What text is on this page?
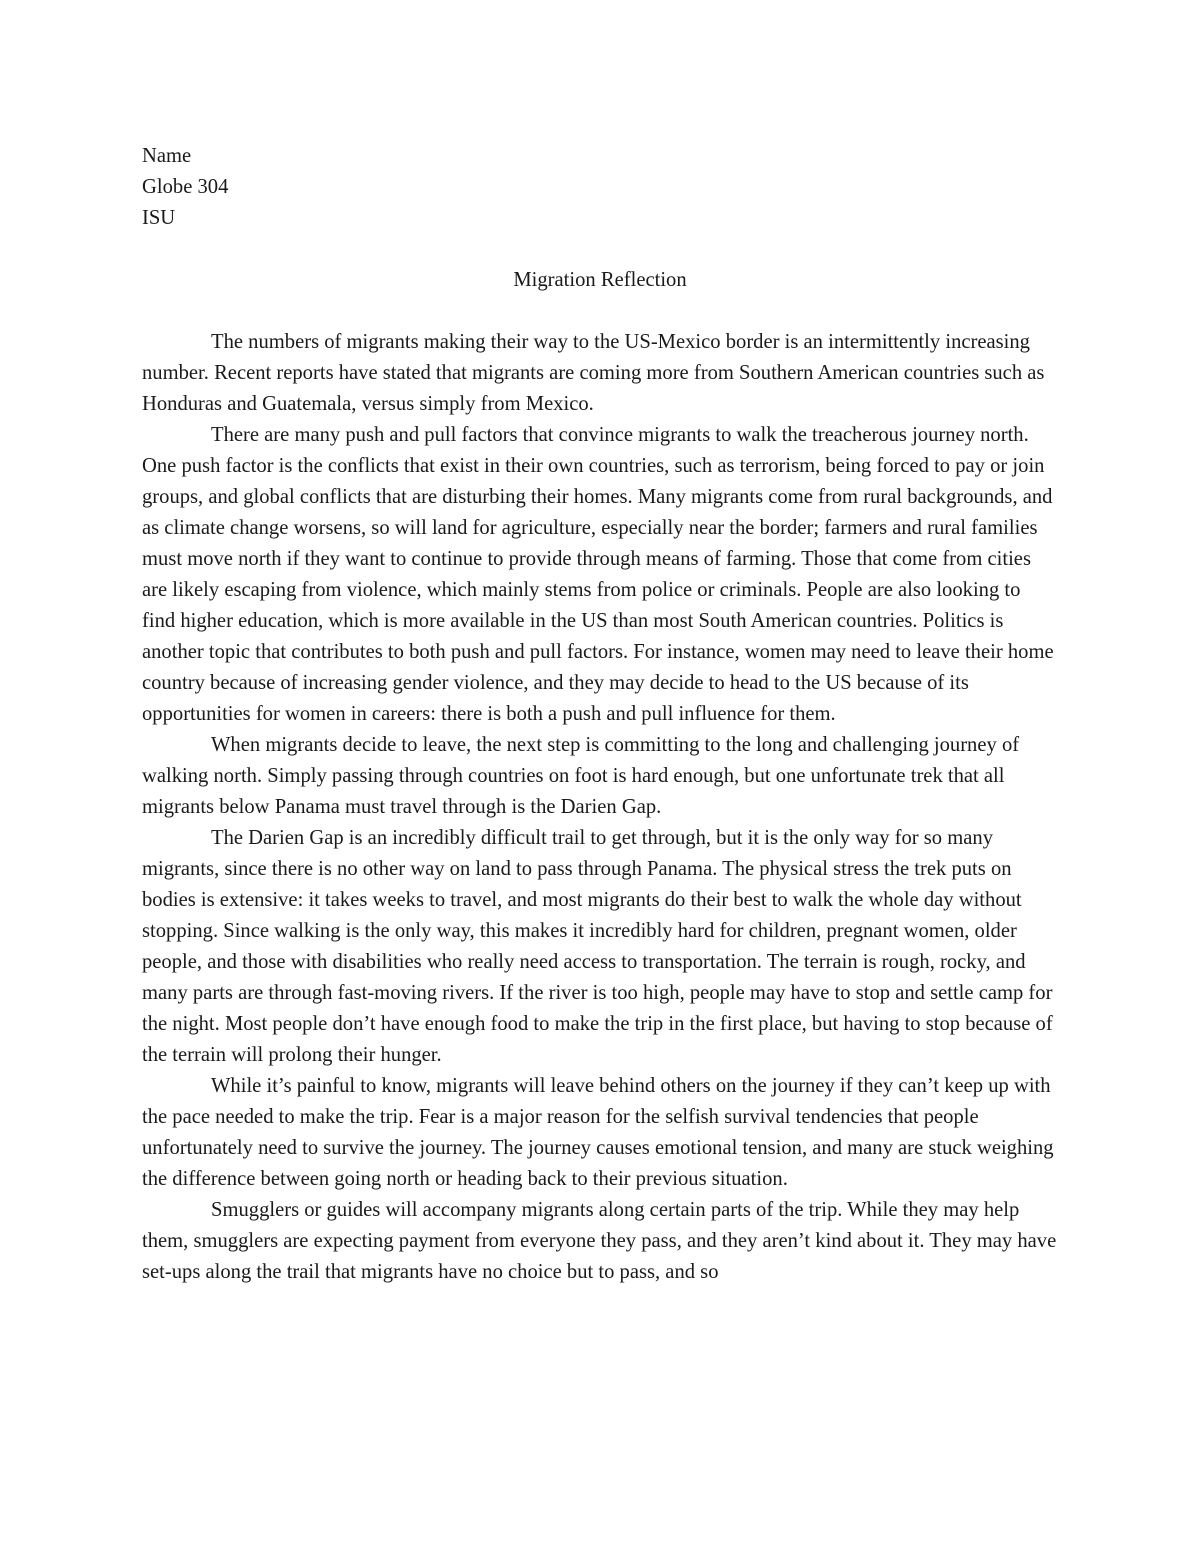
Name

Globe 304

ISU

Migration Reflection

The numbers of migrants making their way to the US-Mexico border is an intermittently increasing number. Recent reports have stated that migrants are coming more from Southern American countries such as Honduras and Guatemala, versus simply from Mexico.

There are many push and pull factors that convince migrants to walk the treacherous journey north. One push factor is the conflicts that exist in their own countries, such as terrorism, being forced to pay or join groups, and global conflicts that are disturbing their homes. Many migrants come from rural backgrounds, and as climate change worsens, so will land for agriculture, especially near the border; farmers and rural families must move north if they want to continue to provide through means of farming. Those that come from cities are likely escaping from violence, which mainly stems from police or criminals. People are also looking to find higher education, which is more available in the US than most South American countries. Politics is another topic that contributes to both push and pull factors. For instance, women may need to leave their home country because of increasing gender violence, and they may decide to head to the US because of its opportunities for women in careers: there is both a push and pull influence for them.

When migrants decide to leave, the next step is committing to the long and challenging journey of walking north. Simply passing through countries on foot is hard enough, but one unfortunate trek that all migrants below Panama must travel through is the Darien Gap.

The Darien Gap is an incredibly difficult trail to get through, but it is the only way for so many migrants, since there is no other way on land to pass through Panama. The physical stress the trek puts on bodies is extensive: it takes weeks to travel, and most migrants do their best to walk the whole day without stopping. Since walking is the only way, this makes it incredibly hard for children, pregnant women, older people, and those with disabilities who really need access to transportation. The terrain is rough, rocky, and many parts are through fast-moving rivers. If the river is too high, people may have to stop and settle camp for the night. Most people don’t have enough food to make the trip in the first place, but having to stop because of the terrain will prolong their hunger.

While it’s painful to know, migrants will leave behind others on the journey if they can’t keep up with the pace needed to make the trip. Fear is a major reason for the selfish survival tendencies that people unfortunately need to survive the journey. The journey causes emotional tension, and many are stuck weighing the difference between going north or heading back to their previous situation.

Smugglers or guides will accompany migrants along certain parts of the trip. While they may help them, smugglers are expecting payment from everyone they pass, and they aren’t kind about it. They may have set-ups along the trail that migrants have no choice but to pass, and so
